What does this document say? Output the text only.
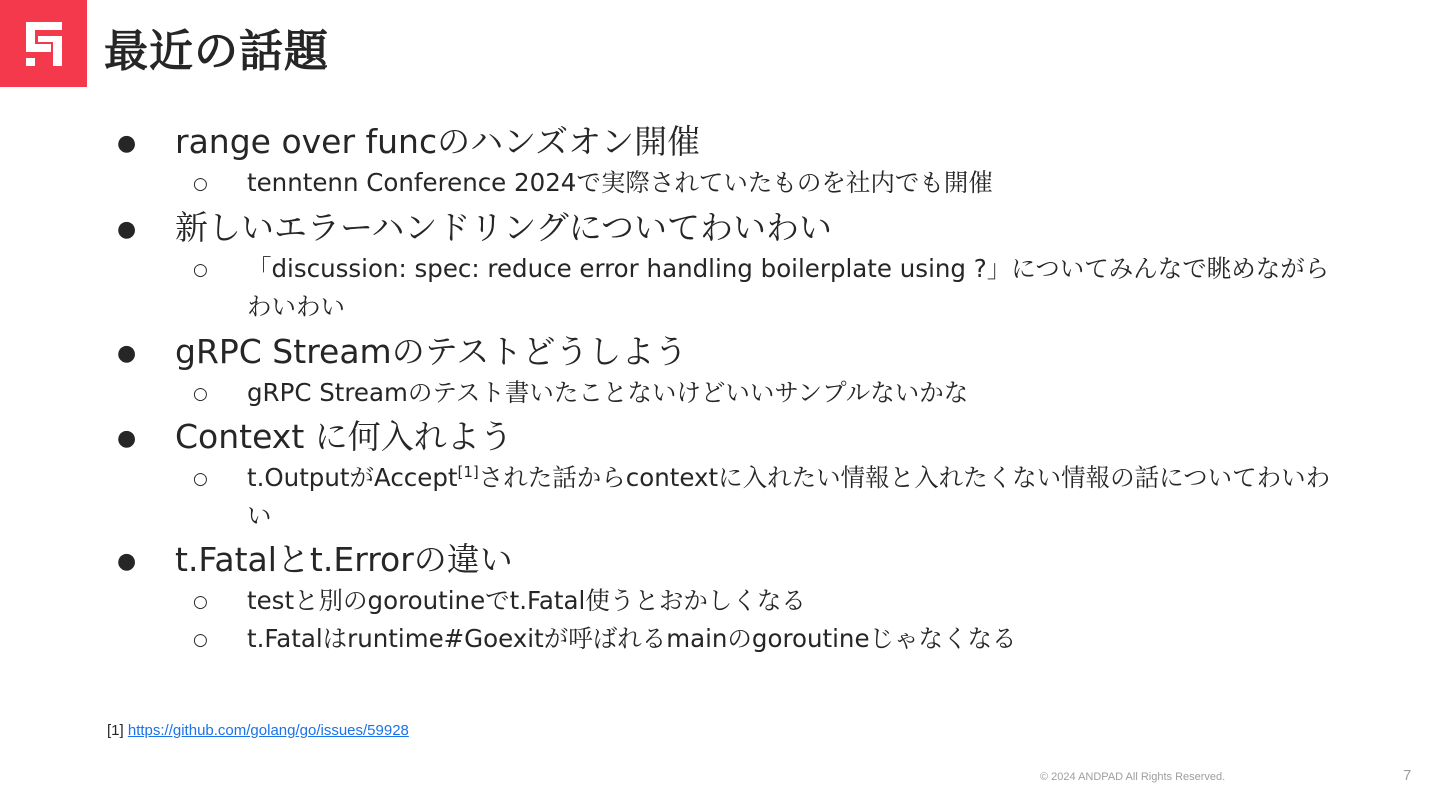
最近の話題
● range over funcのハンズオン開催
○ tenntenn Conference 2024で実際されていたものを社内でも開催
● 新しいエラーハンドリングについてわいわい
○ 「discussion: spec: reduce error handling boilerplate using ?」についてみんなで眺めながらわいわい
● gRPC Streamのテストどうしよう
○ gRPC Streamのテスト書いたことないけどいいサンプルないかな
● Context に何入れよう
○ t.OutputがAccept[1]された話からcontextに入れたい情報と入れたくない情報の話についてわいわい
● t.Fatalとt.Errorの違い
○ testと別のgoroutineでt.Fatal使うとおかしくなる
○ t.Fatalはruntime#Goexitが呼ばれるmainのgoroutineじゃなくなる
[1] https://github.com/golang/go/issues/59928
© 2024 ANDPAD All Rights Reserved.	7
